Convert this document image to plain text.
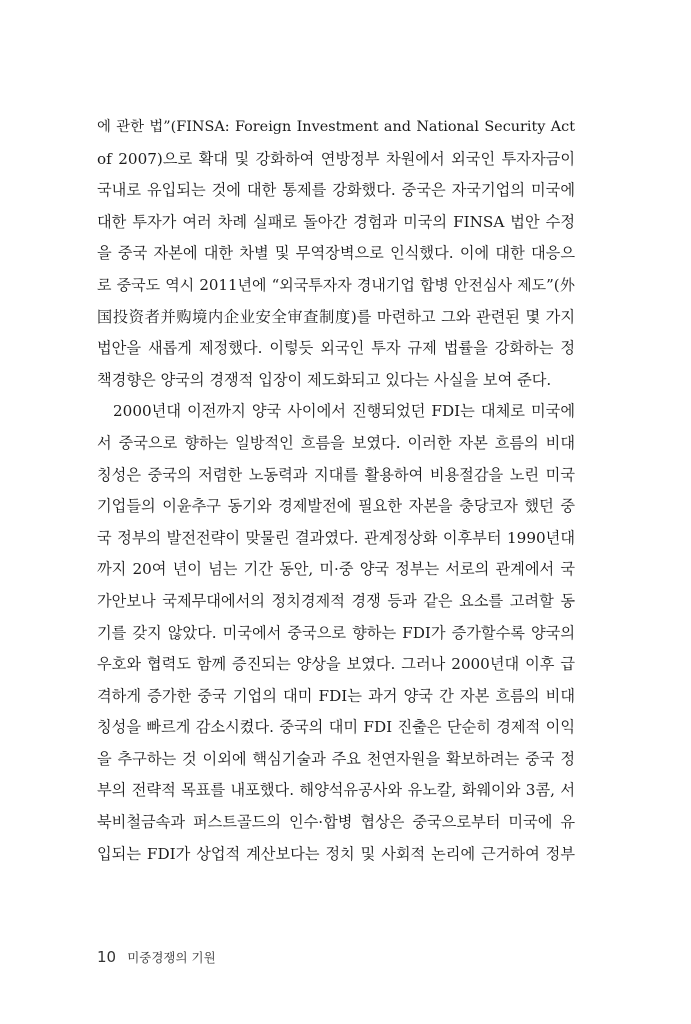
에 관한 법”(FINSA: Foreign Investment and National Security Act
of 2007)으로 확대 및 강화하여 연방정부 차원에서 외국인 투자자금이
국내로 유입되는 것에 대한 통제를 강화했다. 중국은 자국기업의 미국에
대한 투자가 여러 차례 실패로 돌아간 경험과 미국의 FINSA 법안 수정
을 중국 자본에 대한 차별 및 무역장벽으로 인식했다. 이에 대한 대응으
로 중국도 역시 2011년에 “외국투자자 경내기업 합병 안전심사 제도”(外
国投资者并购境内企业安全审查制度)를 마련하고 그와 관련된 몇 가지
법안을 새롭게 제정했다. 이렇듯 외국인 투자 규제 법률을 강화하는 정
책경향은 양국의 경쟁적 입장이 제도화되고 있다는 사실을 보여 준다.
2000년대 이전까지 양국 사이에서 진행되었던 FDI는 대체로 미국에
서 중국으로 향하는 일방적인 흐름을 보였다. 이러한 자본 흐름의 비대
칭성은 중국의 저렴한 노동력과 지대를 활용하여 비용절감을 노린 미국
기업들의 이윤추구 동기와 경제발전에 필요한 자본을 충당코자 했던 중
국 정부의 발전전략이 맞물린 결과였다. 관계정상화 이후부터 1990년대
까지 20여 년이 넘는 기간 동안, 미·중 양국 정부는 서로의 관계에서 국
가안보나 국제무대에서의 정치경제적 경쟁 등과 같은 요소를 고려할 동
기를 갖지 않았다. 미국에서 중국으로 향하는 FDI가 증가할수록 양국의
우호와 협력도 함께 증진되는 양상을 보였다. 그러나 2000년대 이후 급
격하게 증가한 중국 기업의 대미 FDI는 과거 양국 간 자본 흐름의 비대
칭성을 빠르게 감소시켰다. 중국의 대미 FDI 진출은 단순히 경제적 이익
을 추구하는 것 이외에 핵심기술과 주요 천연자원을 확보하려는 중국 정
부의 전략적 목표를 내포했다. 해양석유공사와 유노칼, 화웨이와 3콤, 서
북비철금속과 퍼스트골드의 인수·합병 협상은 중국으로부터 미국에 유
입되는 FDI가 상업적 계산보다는 정치 및 사회적 논리에 근거하여 정부
10 미중경쟁의 기원
